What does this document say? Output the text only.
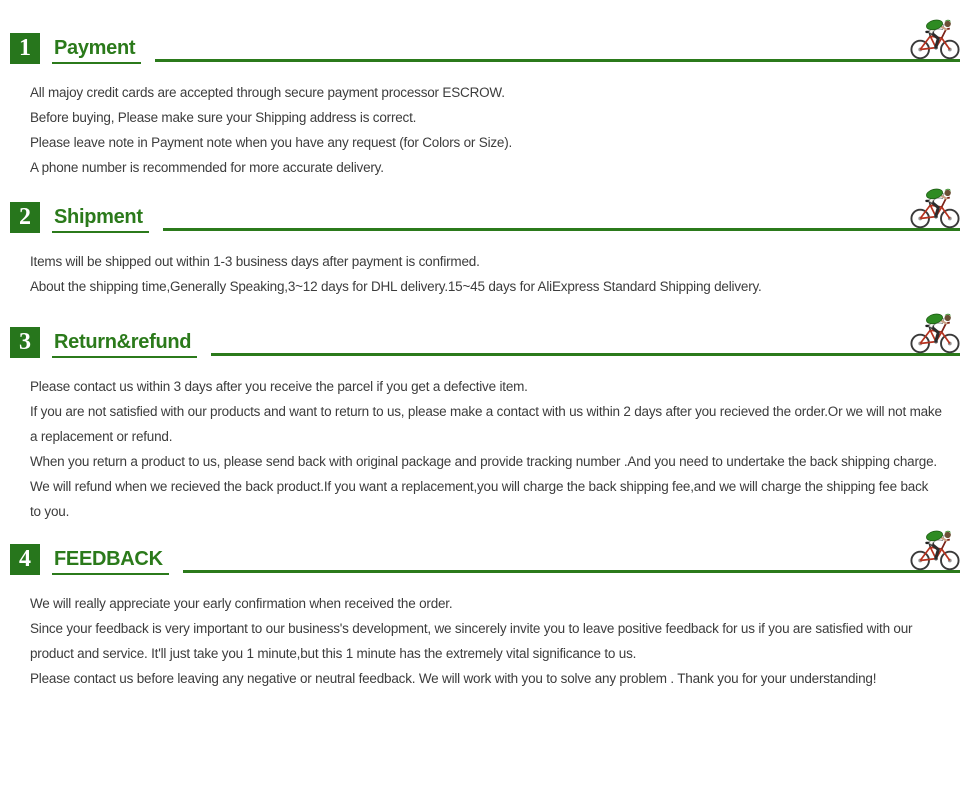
1	Payment

All majoy credit cards are accepted through secure payment processor ESCROW.

Before buying, Please make sure your Shipping address is correct.

Please leave note in Payment note when you have any request (for Colors or Size).

A phone number is recommended for more accurate delivery.

2	Shipment

Items will be shipped out within 1-3 business days after payment is confirmed.

About the shipping time,Generally Speaking,3~12 days for DHL delivery.15~45 days for AliExpress Standard Shipping delivery.

3	Return&refund

Please contact us within 3 days after you receive the parcel if you get a defective item.

If you are not satisfied with our products and want to return to us, please make a contact with us within 2 days after you recieved the order.Or we will not make a replacement or refund.

When you return a product to us, please send back with original package and provide tracking number .And you need to undertake the back shipping charge.

We will refund when we recieved the back product.If you want a replacement,you will charge the back shipping fee,and we will charge the shipping fee back to you.

4	FEEDBACK

We will really appreciate your early confirmation when received the order.

Since your feedback is very important to our business's development, we sincerely invite you to leave positive feedback for us if you are satisfied with our product and service. It'll just take you 1 minute,but this 1 minute has the extremely vital significance to us.

Please contact us before leaving any negative or neutral feedback. We will work with you to solve any problem . Thank you for your understanding!
